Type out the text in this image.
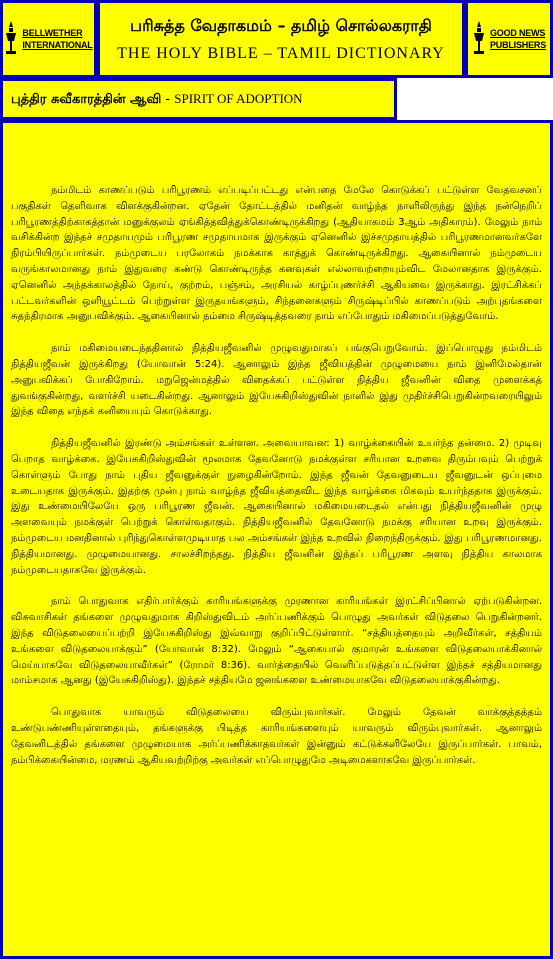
BELLWETHER
INTERNATIONAL
பரிசுத்த வேதாகமம் – தமிழ் சொல்லகராதி
THE HOLY BIBLE – TAMIL DICTIONARY
GOOD NEWS
PUBLISHERS
புத்திர சுவீகாரத்தின் ஆவி - SPIRIT OF ADOPTION

நம்மிடம் காணப்படும் பரிபூரணம் எப்படிப்பட்டது என்பதை மேலே கொடுக்கப் பட்டுள்ள வேதவசனப் பகுதிகள் தெளிவாக விளக்குகின்றன. ஏதேன் தோட்டத்தில் மனிதன் வாழ்ந்த நாளிலிருந்து இந்த நன்நெறிப் பரிபூரணத்திற்காகத்தான் மனுக்குலம் ஏங்கித்தவித்துக்கொண்டிருக்கிறது (ஆதியாகமம் 3ஆம் அதிகாரம்). மேலும் நாம் வசிக்கின்ற இந்தச் சமுதாயமும் பரிபூரண சமுதாயமாக இருக்கும் ஏனெனில் இச்சமுதாயத்தில் பரிபூரணமானவர்களே நிரம்பியிருப்பார்கள். நம்முடைய பரலோகம் நமக்காக காத்துக் கொண்டிருக்கிறது. ஆகையினால் நம்முடைய வருங்காலமானது நாம் இதுவரை கண்டு கொண்டிருந்த கனவுகள் எல்லாவற்றையும்விட மேலானதாக இருக்கும். ஏனெனில் அந்தக்காலத்தில் நோய், குற்றம், பஞ்சம், அரசியல் காழ்ப்புணர்ச்சி ஆகியவை இருக்காது. இரட்சிக்கப் பட்டவர்களின் ஒளியூட்டம் பெற்றுள்ள இருதயங்களும், சிந்தனைகளும் சிருஷ்டிப்பில் காணப்படும் அற்புதங்களை சுதந்திரமாக அனுபவிக்கும். ஆகையினால் நம்மை சிருஷ்டித்தவரை நாம் எப்போதும் மகிமைப்படுத்துவோம்.

நாம் மகிமையடைந்ததினால் நித்தியஜீவனில் முழுவதுமாகப் பங்குபெறுவோம். இப்பொழுது நம்மிடம் நித்தியஜீவன் இருக்கிறது (யோவான் 5:24). ஆனாலும் இந்த ஜீவியத்தின் முழுமையை நாம் இனிமேல்தான் அனுபவிக்கப் போகிறோம். மறுஜென்மத்தில் விதைக்கப் பட்டுள்ள நித்திய ஜீவனின் விதை முளைக்கத் துவங்குகின்றது, வளர்ச்சி யடைகின்றது. ஆனாலும் இயேசுகிறிஸ்துவின் நாளில் இது முதிர்ச்சிபெறுகின்றவரையிலும் இந்த விதை எந்தக் கனியையும் கொடுக்காது.

நித்தியஜீவனில் இரண்டு அம்சங்கள் உள்ளன. அவையாவன: 1) வாழ்க்கையின் உயர்ந்த தன்மை. 2) முடிவு பெறாத வாழ்க்கை. இயேசுகிறிஸ்துவின் மூலமாக தேவனோடு நமக்குள்ள சரியான உறவை திரும்பவும் பெற்றுக் கொள்ளும் போது நாம் புதிய ஜீவனுக்குள் நுழைகின்றோம். இந்த ஜீவன் தேவனுடைய ஜீவனுடன் ஒப்புமை உடையதாக இருக்கும். இதற்கு முன்பு நாம் வாழ்ந்த ஜீவியத்தைவிட இந்த வாழ்க்கை மிகவும் உயர்ந்ததாக இருக்கும். இது உண்மையிலேயே ஒரு பரிபூரண ஜீவன். ஆகையினால் மகிமையடைதல் என்பது நித்தியஜீவனின் முழு அளவையும் நமக்குள் பெற்றுக் கொள்வதாகும். நித்தியஜீவனில் தேவனோடு நமக்கு சரியான உறவு இருக்கும். நம்முடைய மனதினால் புரிந்துகொள்ளமுடியாத பல அம்சங்கள் இந்த உறவில் நிறைந்திருக்கும். இது பரிபூரணமானது. நித்தியமானது. முழுமையானது. சாலச்சிறந்தது. நித்திய ஜீவனின் இந்தப் பரிபூரண அளவு நித்திய காலமாக நம்முடையதாகவே இருக்கும்.

நாம் பொதுவாக எதிர்பார்க்கும் காரியங்களுக்கு முரணான காரியங்கள் இரட்சிப்பினால் ஏற்படுகின்றன. விசுவாசிகள் தங்களை முழுவதுமாக கிறிஸ்துவிடம் அர்ப்பணிக்கும் பொழுது அவர்கள் விடுதலை பெறுகின்றனர். இந்த விடுதலையைப்பற்றி இயேசுகிறிஸ்து இவ்வாறு குறிப்பிட்டுள்ளார். “சத்தியத்தையும் அறிவீர்கள், சத்தியம் உங்களை விடுதலையாக்கும்” (யோவான் 8:32). மேலும் “ஆகையால் குமாரன் உங்களை விடுதலையாக்கினால் மெய்யாகவே விடுதலையாவீர்கள்” (ரோமர் 8:36). வார்த்தையில் வெளிப்படுத்தப்பட்டுள்ள இந்தச் சத்தியமானது மாம்சமாக ஆனது (இயேசுகிறிஸ்து). இந்தச் சத்தியமே ஜனங்களை உண்மையாகவே விடுதலையாக்குகின்றது.

பொதுவாக யாவரும் விடுதலையை விரும்புவார்கள். மேலும் தேவன் வாக்குத்தத்தம் உண்டுபண்ணியுள்ளதையும், தங்களுக்கு பிடித்த காரியங்களையும் யாவரும் விரும்புவார்கள். ஆனாலும் தேவனிடத்தில் தங்களை முழுமையாக அர்ப்பணிக்காதவர்கள் இன்னும் கட்டுக்களிலேயே இருப்பார்கள். பாவம், நம்பிக்கையின்மை, மரணம் ஆகியவற்றிற்கு அவர்கள் எப்பொழுதுமே அடிமைகளாகவே இருப்பார்கள்.
